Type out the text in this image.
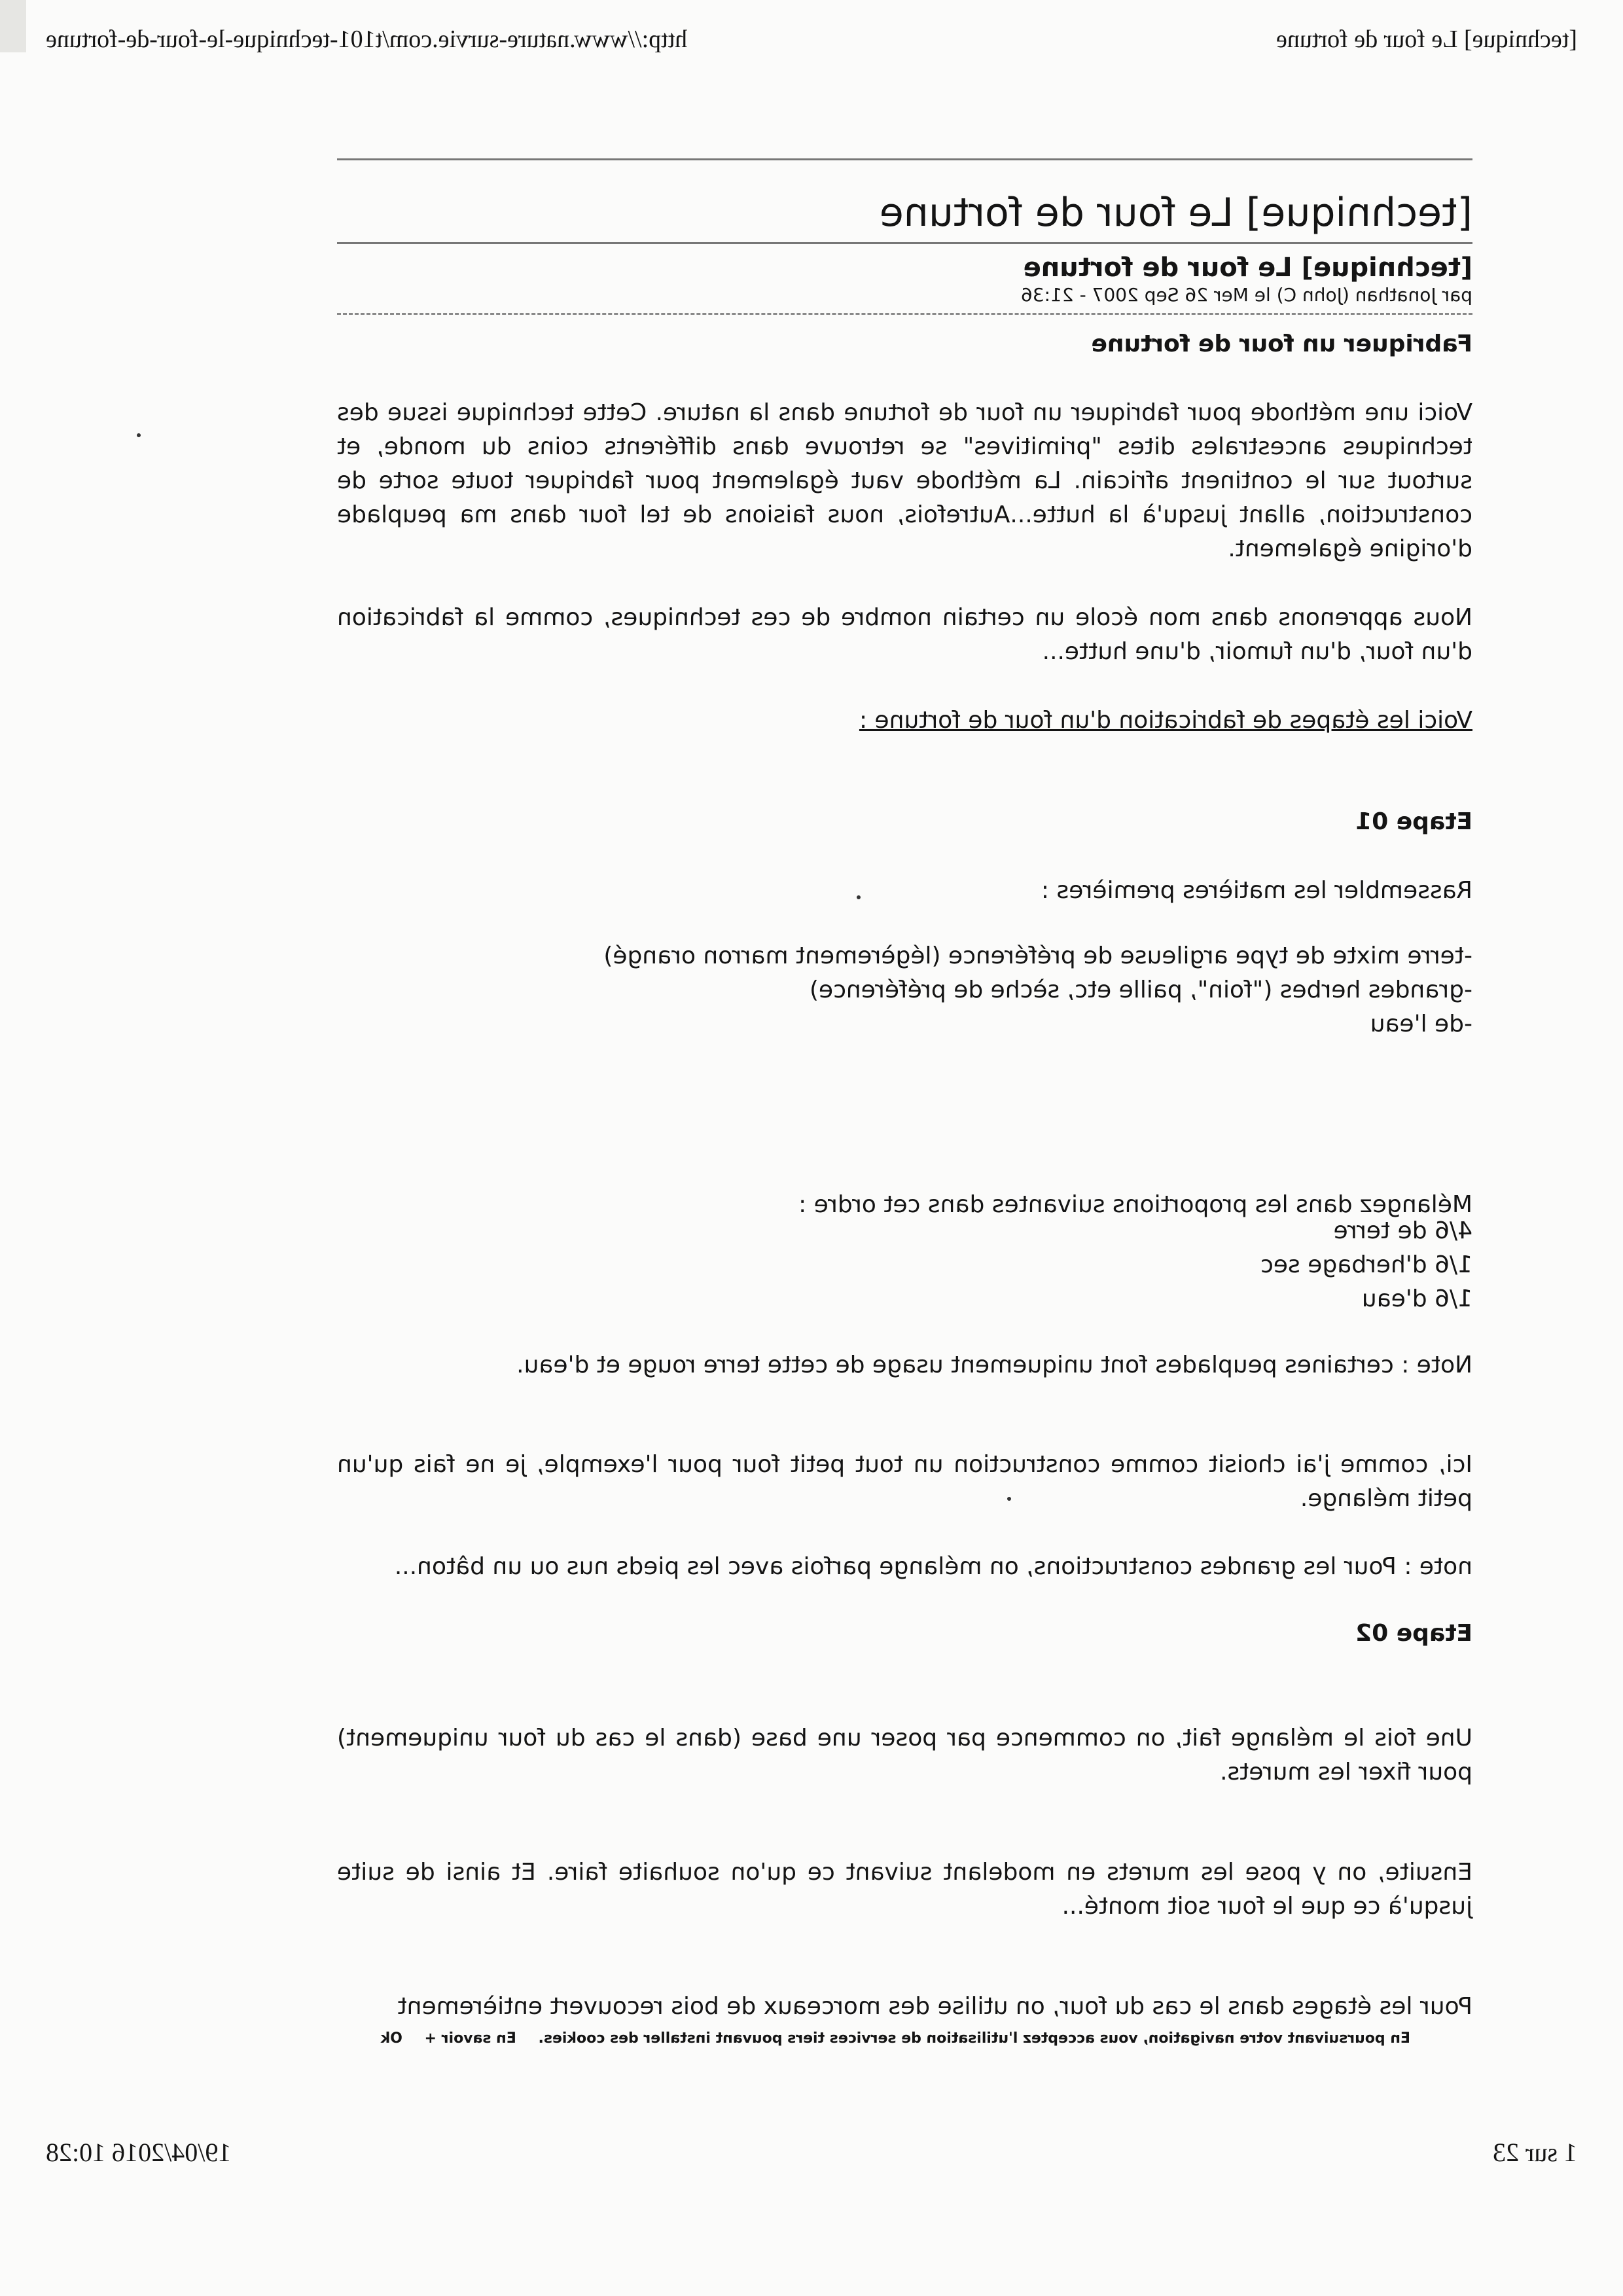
[technique] Le four de fortune
http://www.nature-survie.com/t101-technique-le-four-de-fortune
[technique] Le four de fortune
[technique] Le four de fortune
par Jonathan (John C) le Mer 26 Sep 2007 - 21:36
Fabriquer un four de fortune
Voici une méthode pour fabriquer un four de fortune dans la nature. Cette technique issue des techniques ancestrales dites "primitives" se retrouve dans différents coins du monde, et surtout sur le continent africain. La méthode vaut également pour fabriquer toute sorte de construction, allant jusqu'à la hutte...Autrefois, nous faisions de tel four dans ma peuplade d'origine également.
Nous apprenons dans mon école un certain nombre de ces techniques, comme la fabrication d'un four, d'un fumoir, d'une hutte...
Voici les étapes de fabrication d'un four de fortune :
Etape 01
Rassembler les matières premières :
-terre mixte de type argileuse de préférence (légèrement marron orangé)
-grandes herbes ("foin", paille etc, sèche de préférence)
-de l'eau
Mélangez dans les proportions suivantes dans cet ordre :
4/6 de terre
1/6 d'herbage sec
1/6 d'eau
Note : certaines peuplades font uniquement usage de cette terre rouge et d'eau.
Ici, comme j'ai choisit comme construction un tout petit four pour l'exemple, je ne fais qu'un petit mélange.
note : Pour les grandes constructions, on mélange parfois avec les pieds nus ou un bâton...
Etape 02
Une fois le mélange fait, on commence par poser une base (dans le cas du four uniquement) pour fixer les murets.
Ensuite, on y pose les murets en modelant suivant ce qu'on souhaite faire. Et ainsi de suite jusqu'à ce que le four soit monté...
Pour les étages dans le cas du four, on utilise des morceaux de bois recouvert entièrement
En poursuivant votre navigation, vous acceptez l'utilisation de services tiers pouvant installer des cookies. En savoir + Ok
1 sur 23
19/04/2016 10:28
